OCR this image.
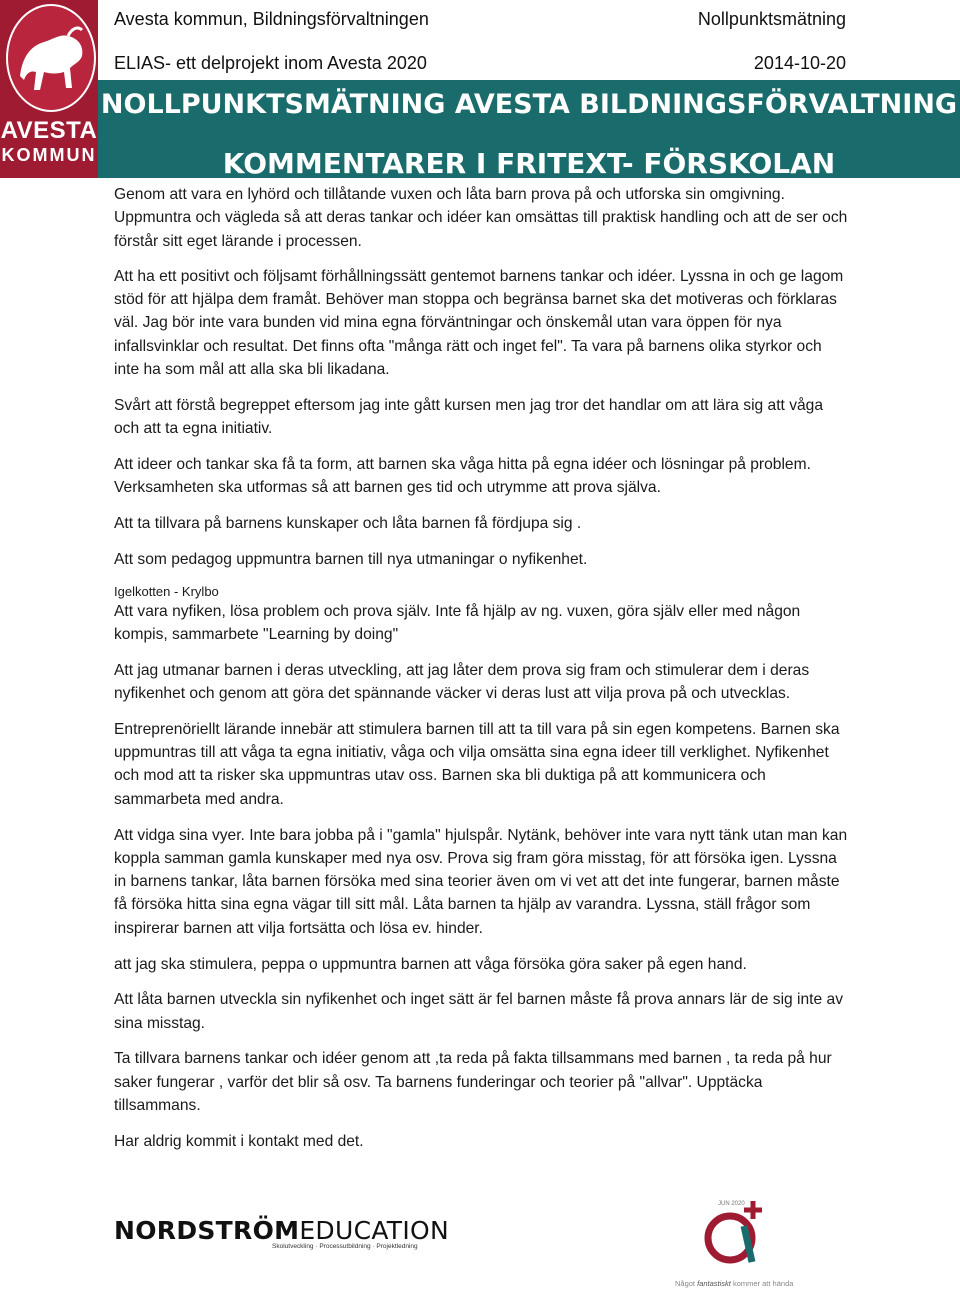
AVESTA
KOMMUN
Avesta kommun, Bildningsförvaltningen	Nollpunktsmätning
ELIAS- ett delprojekt inom Avesta 2020	2014-10-20
NOLLPUNKTSMÄTNING AVESTA BILDNINGSFÖRVALTNING
KOMMENTARER I FRITEXT- FÖRSKOLAN

Genom att vara en lyhörd och tillåtande vuxen och låta barn prova på och utforska sin omgivning. Uppmuntra och vägleda så att deras tankar och idéer kan omsättas till praktisk handling och att de ser och förstår sitt eget lärande i processen.

Att ha ett positivt och följsamt förhållningssätt gentemot barnens tankar och idéer. Lyssna in och ge lagom stöd för att hjälpa dem framåt. Behöver man stoppa och begränsa barnet ska det motiveras och förklaras väl. Jag bör inte vara bunden vid mina egna förväntningar och önskemål utan vara öppen för nya infallsvinklar och resultat. Det finns ofta "många rätt och inget fel". Ta vara på barnens olika styrkor och inte ha som mål att alla ska bli likadana.

Svårt att förstå begreppet eftersom jag inte gått kursen men jag tror det handlar om att lära sig att våga och att ta egna initiativ.

Att ideer och tankar ska få ta form, att barnen ska våga hitta på egna idéer och lösningar på problem. Verksamheten ska utformas så att barnen ges tid och utrymme att prova själva.

Att ta tillvara på barnens kunskaper och låta barnen få fördjupa sig .

Att som pedagog uppmuntra barnen till nya utmaningar o nyfikenhet.

Igelkotten - Krylbo

Att vara nyfiken, lösa problem och prova själv. Inte få hjälp av ng. vuxen, göra själv eller med någon kompis, sammarbete "Learning by doing"

Att jag utmanar barnen i deras utveckling, att jag låter dem prova sig fram och stimulerar dem i deras nyfikenhet och genom att göra det spännande väcker vi deras lust att vilja prova på och utvecklas.

Entreprenöriellt lärande innebär att stimulera barnen till att ta till vara på sin egen kompetens. Barnen ska uppmuntras till att våga ta egna initiativ, våga och vilja omsätta sina egna ideer till verklighet. Nyfikenhet och mod att ta risker ska uppmuntras utav oss. Barnen ska bli duktiga på att kommunicera och sammarbeta med andra.

Att vidga sina vyer. Inte bara jobba på i "gamla" hjulspår. Nytänk, behöver inte vara nytt tänk utan man kan koppla samman gamla kunskaper med nya osv. Prova sig fram göra misstag, för att försöka igen. Lyssna in barnens tankar, låta barnen försöka med sina teorier även om vi vet att det inte fungerar, barnen måste få försöka hitta sina egna vägar till sitt mål. Låta barnen ta hjälp av varandra. Lyssna, ställ frågor som inspirerar barnen att vilja fortsätta och lösa ev. hinder.

att jag ska stimulera, peppa o uppmuntra barnen att våga försöka göra saker på egen hand.

Att låta barnen utveckla sin nyfikenhet och inget sätt är fel barnen måste få prova annars lär de sig inte av sina misstag.

Ta tillvara barnens tankar och idéer genom att ,ta reda på fakta tillsammans med barnen , ta reda på hur saker fungerar , varför det blir så osv. Ta barnens funderingar och teorier på "allvar". Upptäcka tillsammans.

Har aldrig kommit i kontakt med det.

NORDSTRÖMEDUCATION
Skolutveckling · Processutbildning · Projektledning
JUN 2020
Något fantastiskt kommer att hända
